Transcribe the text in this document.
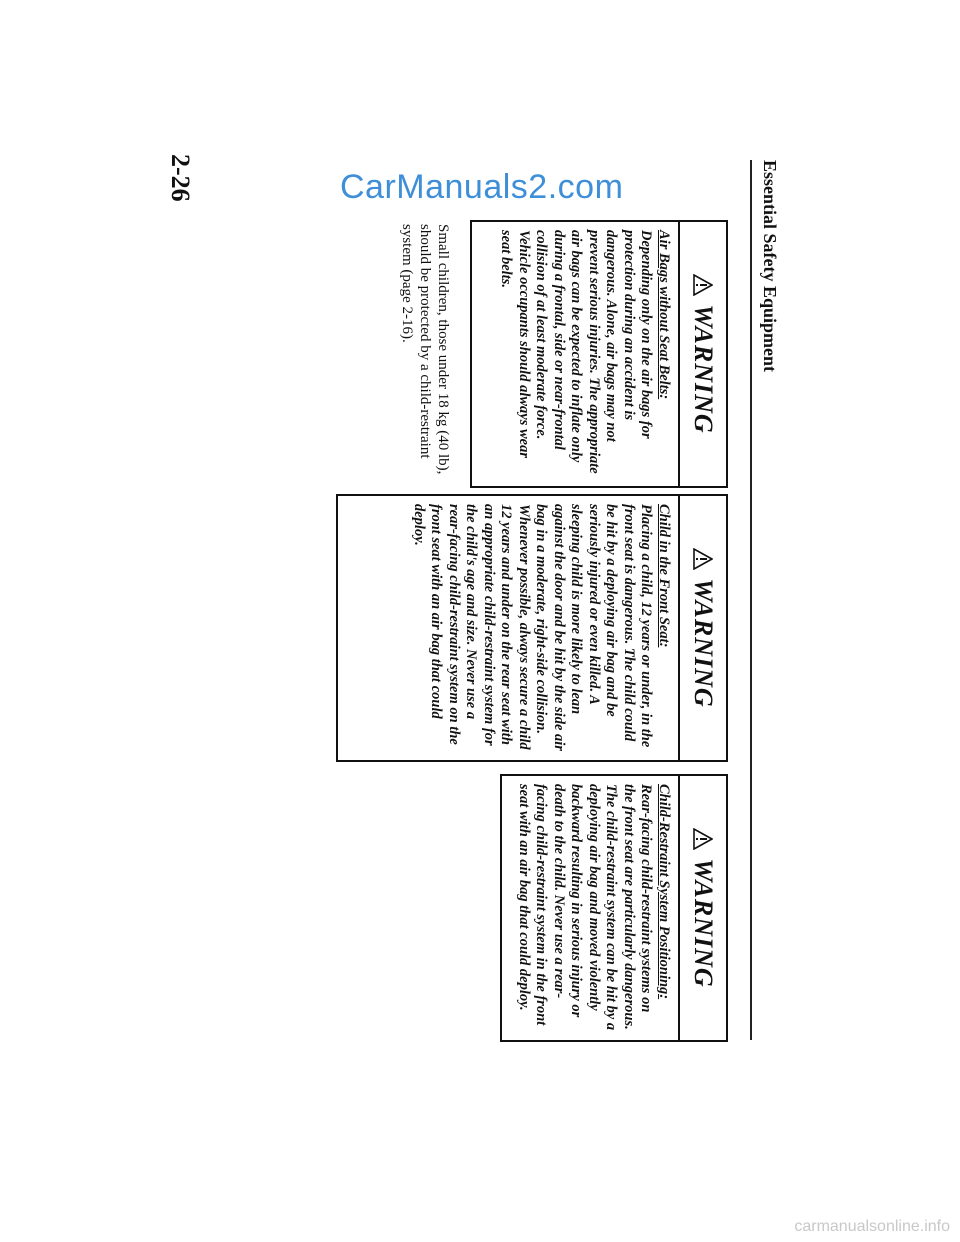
CarManuals2.com
carmanualsonline.info
Essential Safety Equipment
WARNING
Air Bags without Seat Belts:
Depending only on the air bags for protection during an accident is dangerous. Alone, air bags may not prevent serious injuries. The appropriate air bags can be expected to inflate only during a frontal, side or near-frontal collision of at least moderate force. Vehicle occupants should always wear seat belts.
Small children, those under 18 kg (40 lb), should be protected by a child-restraint system (page 2-16).
WARNING
Child in the Front Seat:
Placing a child, 12 years or under, in the front seat is dangerous. The child could be hit by a deploying air bag and be seriously injured or even killed. A sleeping child is more likely to lean against the door and be hit by the side air bag in a moderate, right-side collision. Whenever possible, always secure a child 12 years and under on the rear seat with an appropriate child-restraint system for the child's age and size. Never use a rear-facing child-restraint system on the front seat with an air bag that could deploy.
WARNING
Child-Restraint System Positioning:
Rear-facing child-restraint systems on the front seat are particularly dangerous. The child-restraint system can be hit by a deploying air bag and moved violently backward resulting in serious injury or death to the child. Never use a rear-facing child-restraint system in the front seat with an air bag that could deploy.
2-26
